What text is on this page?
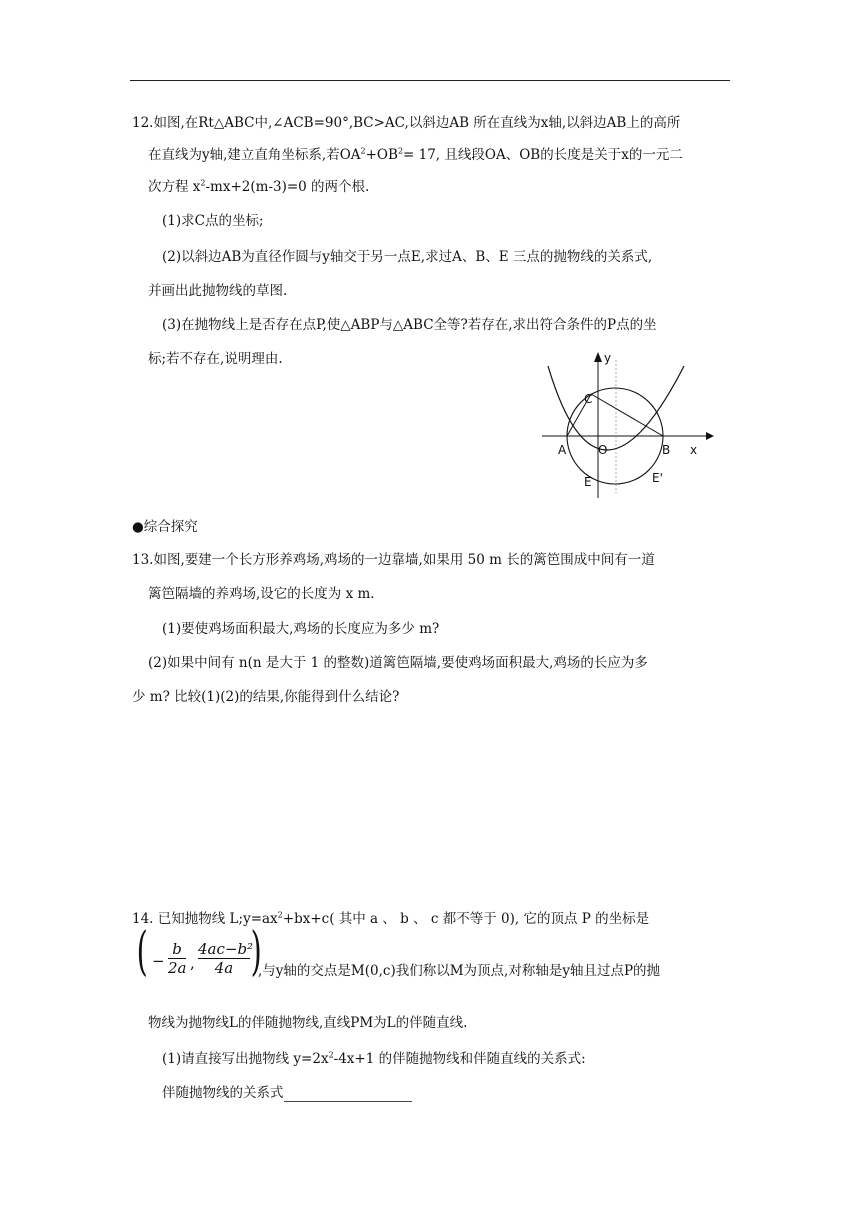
12.如图,在Rt△ABC中,∠ACB=90°,BC>AC,以斜边AB 所在直线为x轴,以斜边AB上的高所
在直线为y轴,建立直角坐标系,若$OA^2+OB^2= 17$, 且线段OA、OB的长度是关于x的一元二
次方程 $x^2-mx+2(m-3)=0$ 的两个根.
(1)求C点的坐标;
(2)以斜边AB为直径作圆与y轴交于另一点E,求过A、B、E 三点的抛物线的关系式,
并画出此抛物线的草图.
(3)在抛物线上是否存在点P,使△ABP与△ABC全等?若存在,求出符合条件的P点的坐
标;若不存在,说明理由.	y
C
A	O	B x
E	E'
●综合探究
13.如图,要建一个长方形养鸡场,鸡场的一边靠墙,如果用 50 m 长的篱笆围成中间有一道
篱笆隔墙的养鸡场,设它的长度为 x m.
(1)要使鸡场面积最大,鸡场的长度应为多少 m?
(2)如果中间有 n(n 是大于 1 的整数)道篱笆隔墙,要使鸡场面积最大,鸡场的长应为多
少 m? 比较(1)(2)的结果,你能得到什么结论?
14. 已知抛物线 $L;y=ax^2+bx+c$( 其中 a 、 b 、 c 都不等于 0), 它的顶点 P 的坐标是
( − $\frac{b}{2a}$ , $\frac{\text{4ac−b²}}{4a}$ )
,与y轴的交点是M(0,c)我们称以M为顶点,对称轴是y轴且过点P的抛
物线为抛物线L的伴随抛物线,直线PM为L的伴随直线.
(1)请直接写出抛物线 $y=2x^2-4x+1$ 的伴随抛物线和伴随直线的关系式:
伴随抛物线的关系式
